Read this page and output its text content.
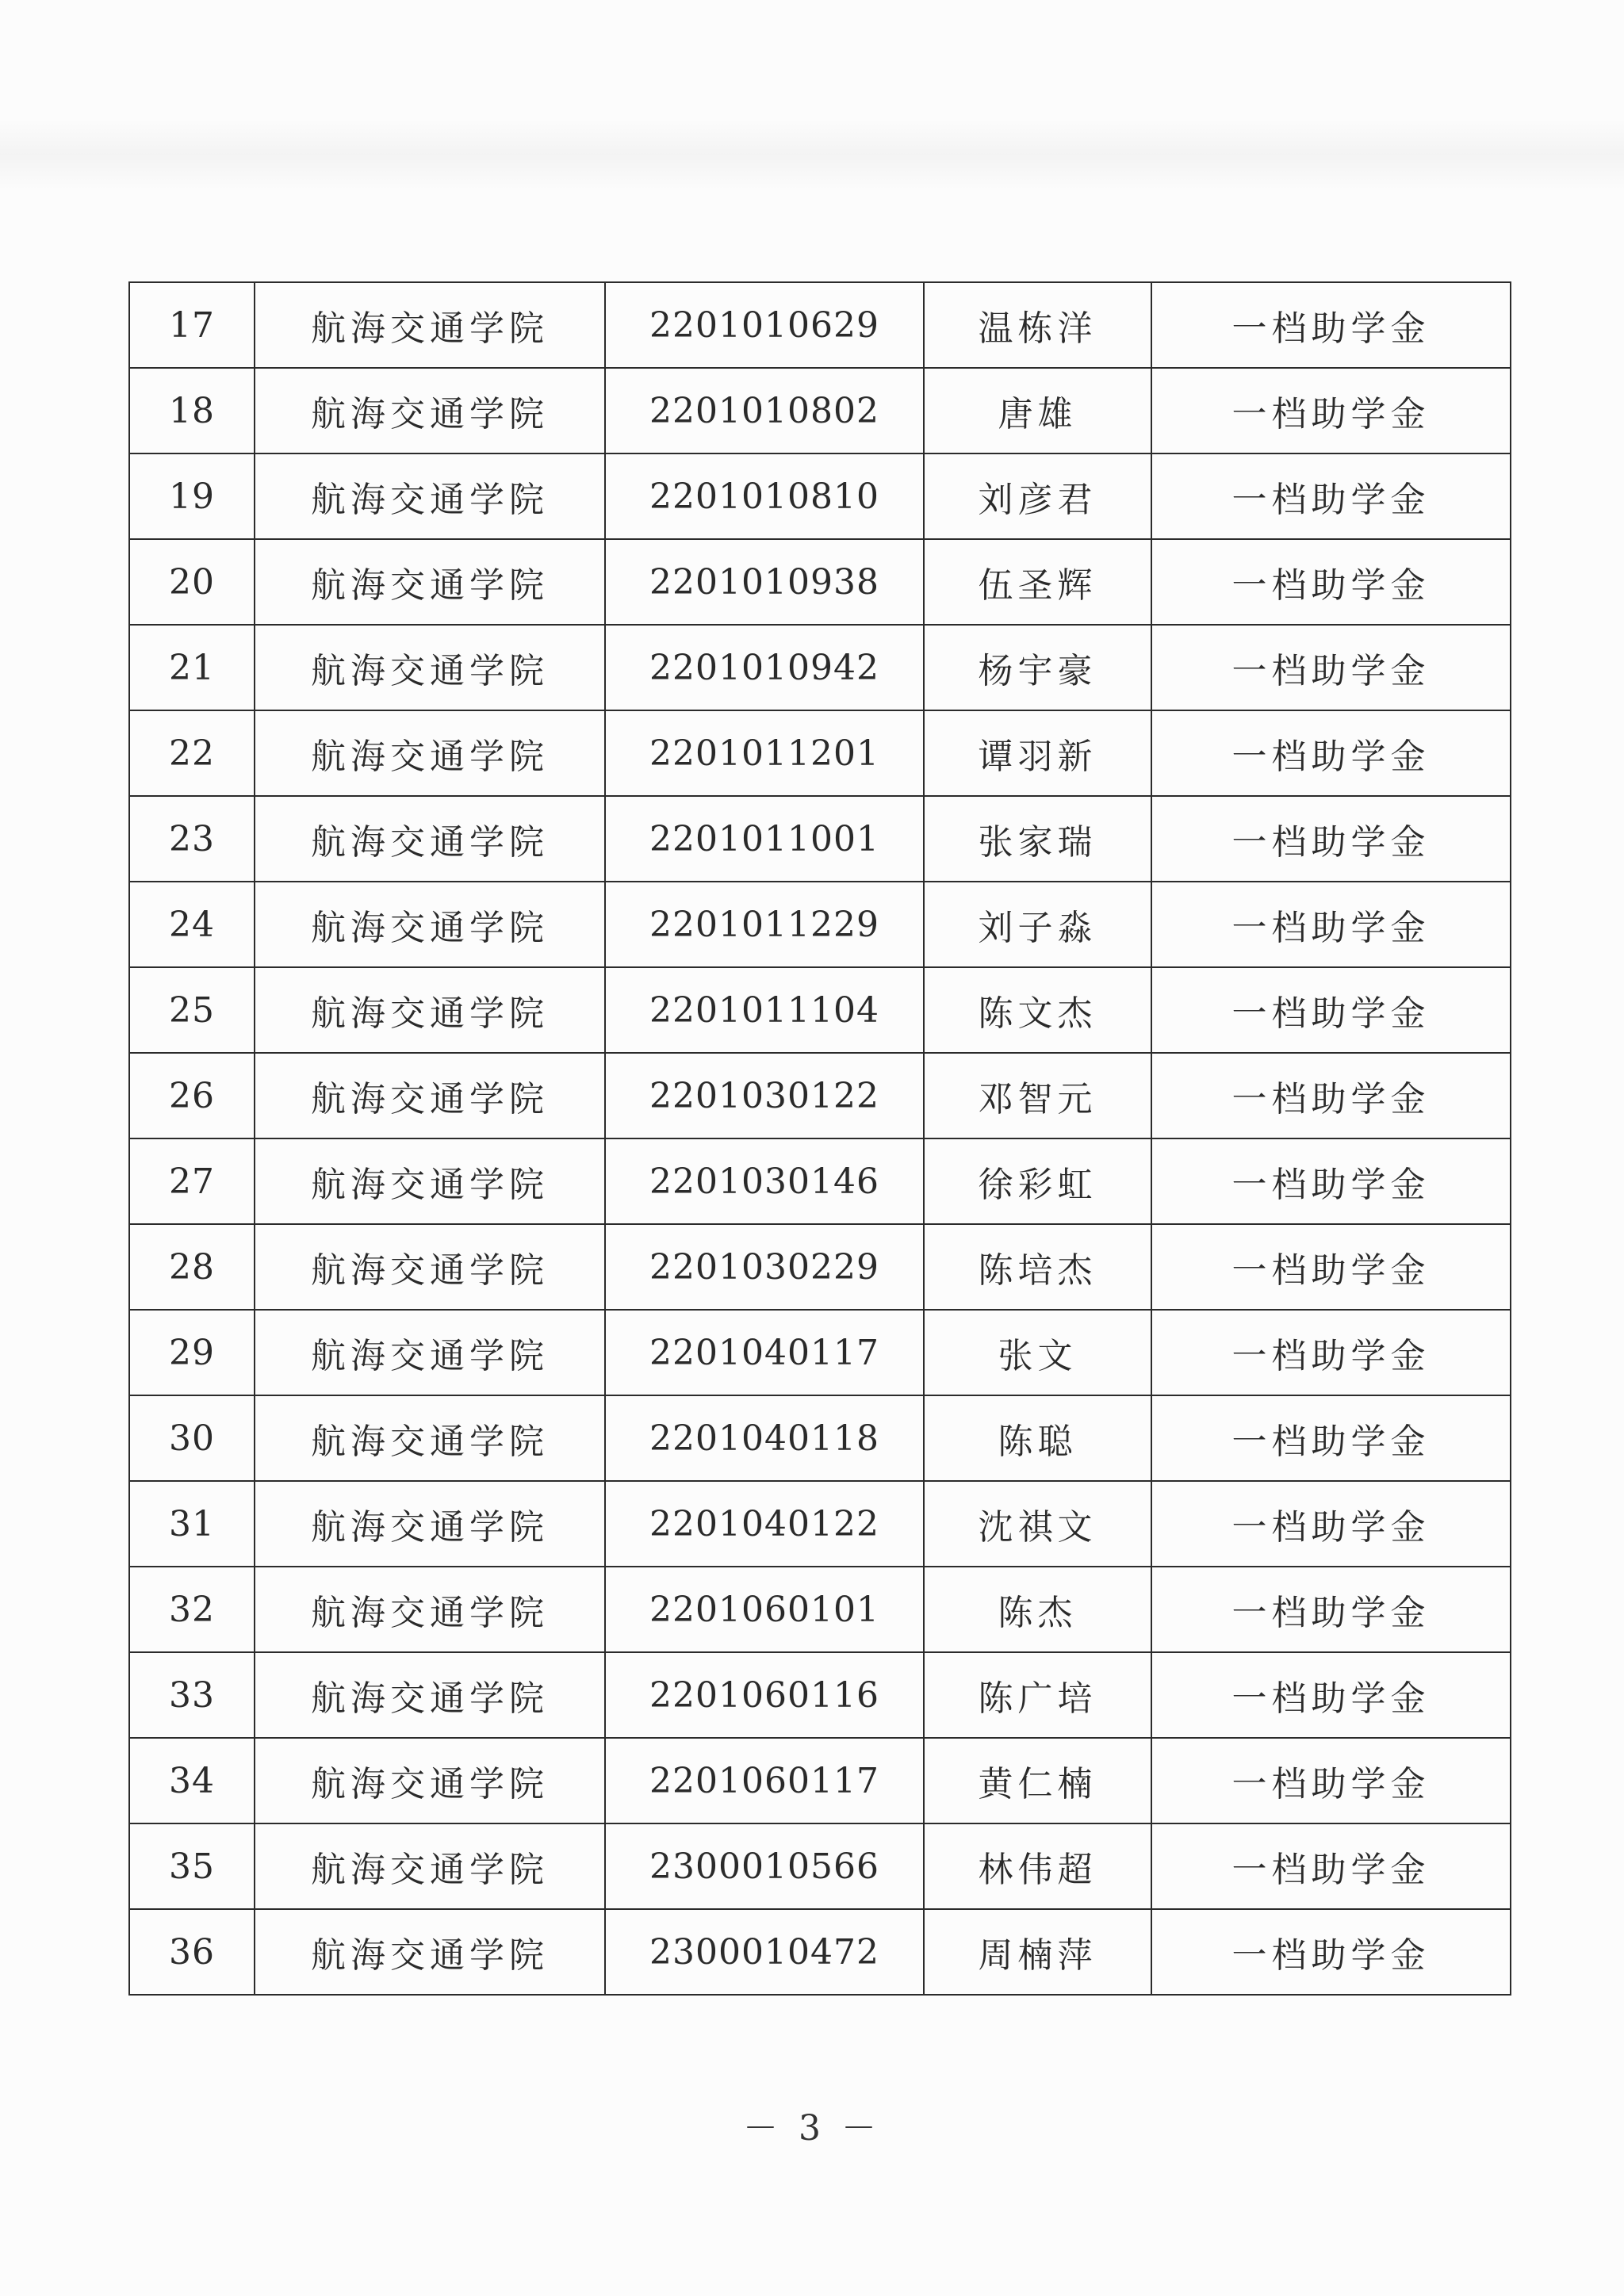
17	航海交通学院	2201010629	温栋洋	一档助学金
18	航海交通学院	2201010802	唐雄	一档助学金
19	航海交通学院	2201010810	刘彦君	一档助学金
20	航海交通学院	2201010938	伍圣辉	一档助学金
21	航海交通学院	2201010942	杨宇豪	一档助学金
22	航海交通学院	2201011201	谭羽新	一档助学金
23	航海交通学院	2201011001	张家瑞	一档助学金
24	航海交通学院	2201011229	刘子淼	一档助学金
25	航海交通学院	2201011104	陈文杰	一档助学金
26	航海交通学院	2201030122	邓智元	一档助学金
27	航海交通学院	2201030146	徐彩虹	一档助学金
28	航海交通学院	2201030229	陈培杰	一档助学金
29	航海交通学院	2201040117	张文	一档助学金
30	航海交通学院	2201040118	陈聪	一档助学金
31	航海交通学院	2201040122	沈祺文	一档助学金
32	航海交通学院	2201060101	陈杰	一档助学金
33	航海交通学院	2201060116	陈广培	一档助学金
34	航海交通学院	2201060117	黄仁楠	一档助学金
35	航海交通学院	2300010566	林伟超	一档助学金
36	航海交通学院	2300010472	周楠萍	一档助学金
－ 3 －
